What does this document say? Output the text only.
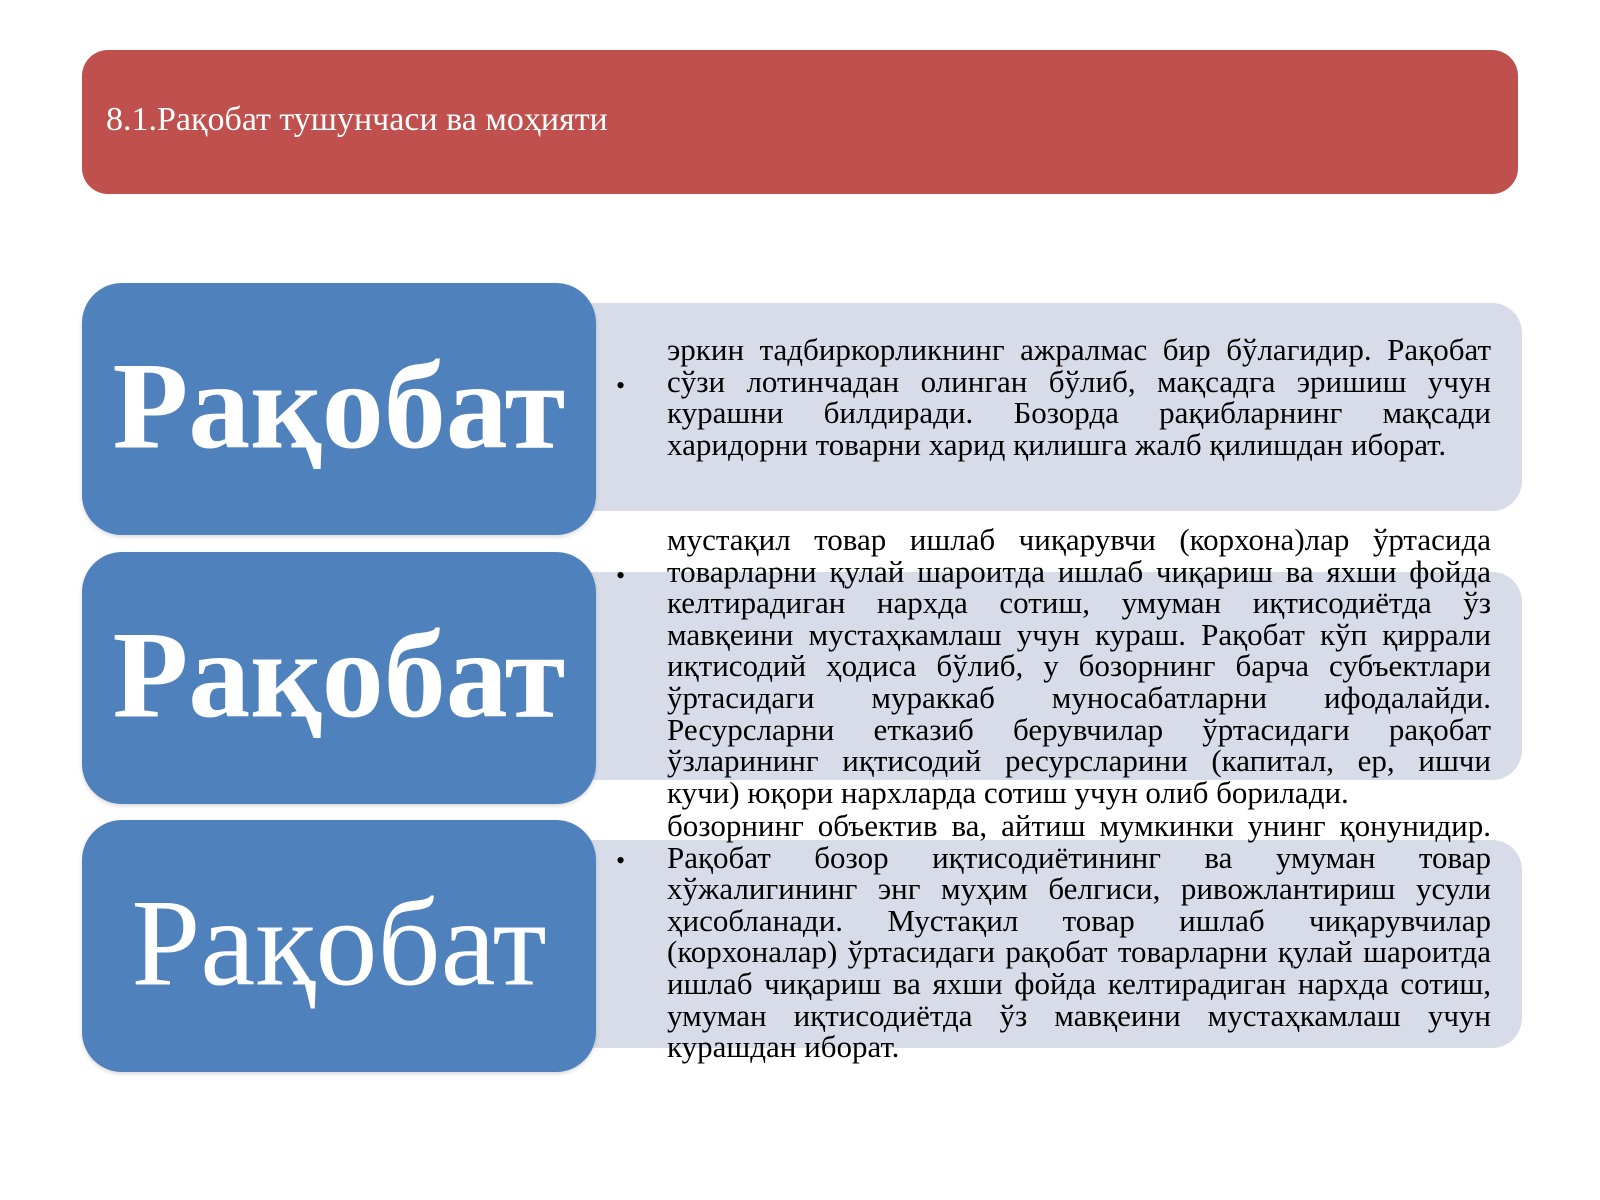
8.1.Рақобат тушунчаси ва моҳияти
Рақобат	•
эркин тадбиркорликнинг ажралмас бир бўлагидир. Рақобат сўзи лотинчадан олинган бўлиб, мақсадга эришиш учун курашни билдиради. Бозорда рақибларнинг мақсади харидорни товарни харид қилишга жалб қилишдан иборат.
Рақобат
•
мустақил товар ишлаб чиқарувчи (корхона)лар ўртасида товарларни қулай шароитда ишлаб чиқариш ва яхши фойда келтирадиган нархда сотиш, умуман иқтисодиётда ўз мавқеини мустаҳкамлаш учун кураш. Рақобат кўп қиррали иқтисодий ҳодиса бўлиб, у бозорнинг барча субъектлари ўртасидаги мураккаб муносабатларни ифодалайди. Ресурсларни етказиб берувчилар ўртасидаги рақобат ўзларининг иқтисодий ресурсларини (капитал, ер, ишчи кучи) юқори нархларда сотиш учун олиб борилади.
Рақобат
•
бозорнинг объектив ва, айтиш мумкинки унинг қонунидир. Рақобат бозор иқтисодиётининг ва умуман товар хўжалигининг энг муҳим белгиси, ривожлантириш усули ҳисобланади. Мустақил товар ишлаб чиқарувчилар (корхоналар) ўртасидаги рақобат товарларни қулай шароитда ишлаб чиқариш ва яхши фойда келтирадиган нархда сотиш, умуман иқтисодиётда ўз мавқеини мустаҳкамлаш учун курашдан иборат.
